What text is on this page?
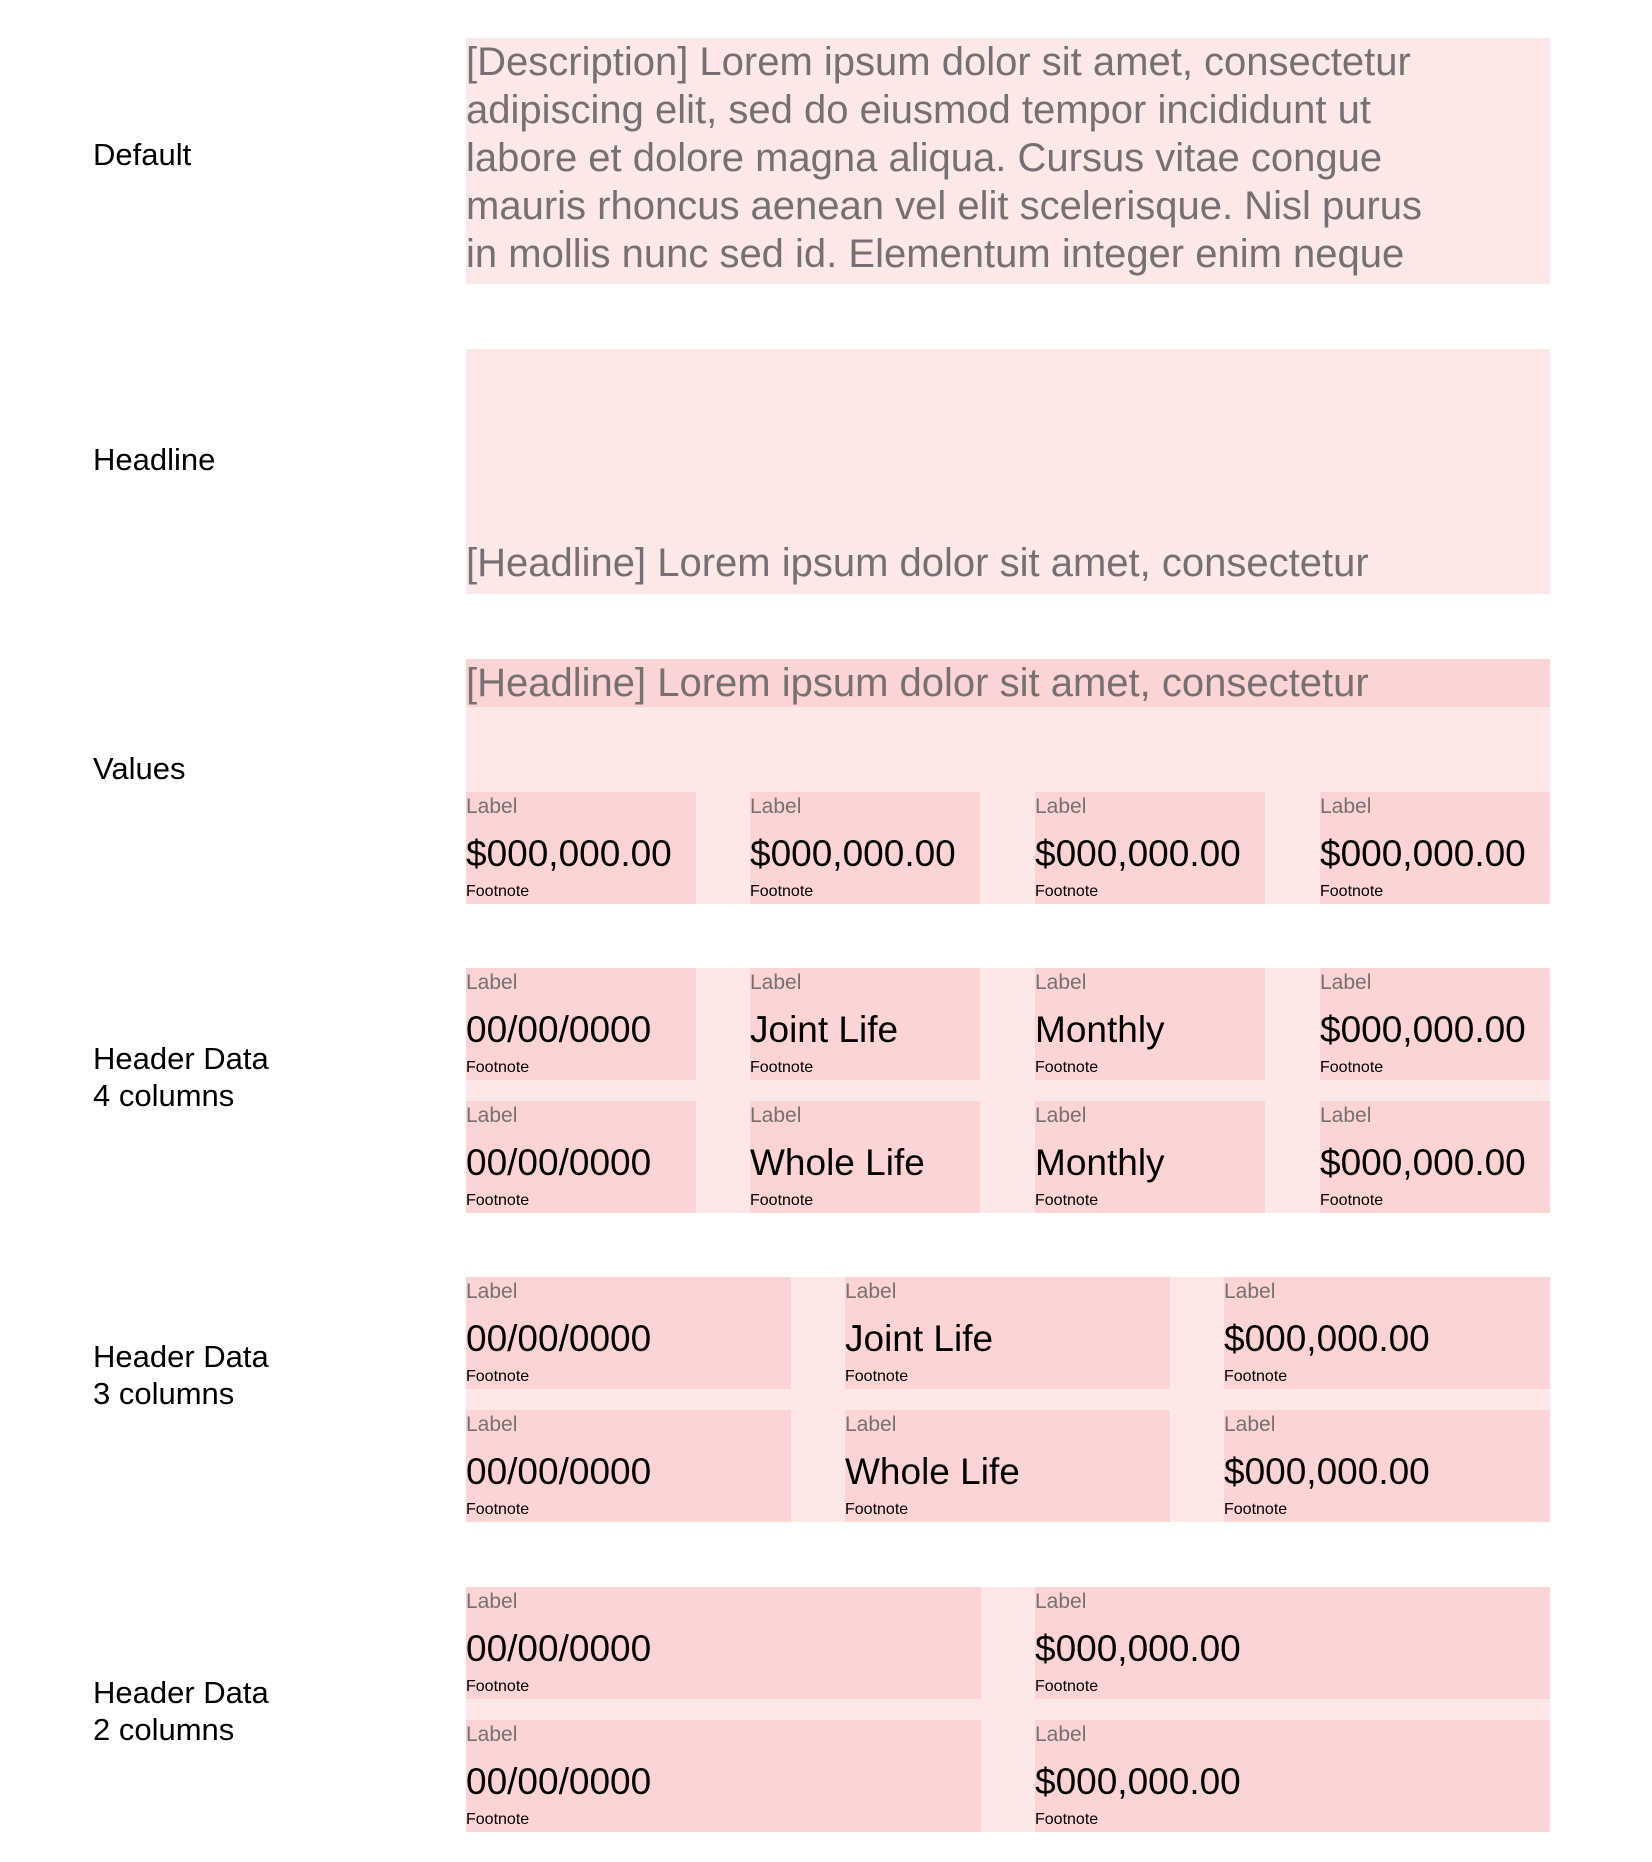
Default
Headline
Values
Header Data
4 columns
Header Data
3 columns
Header Data
2 columns

[Description] Lorem ipsum dolor sit amet, consectetur

adipiscing elit, sed do eiusmod tempor incididunt ut

labore et dolore magna aliqua. Cursus vitae congue

mauris rhoncus aenean vel elit scelerisque. Nisl purus

in mollis nunc sed id. Elementum integer enim neque

[Headline] Lorem ipsum dolor sit amet, consectetur
[Headline] Lorem ipsum dolor sit amet, consectetur
Label
$000,000.00
Footnote
Label
$000,000.00
Footnote
Label
$000,000.00
Footnote
Label
$000,000.00
Footnote
Label
00/00/0000
Footnote
Label
Joint Life
Footnote
Label
Monthly
Footnote
Label
$000,000.00
Footnote
Label
00/00/0000
Footnote
Label
Whole Life
Footnote
Label
Monthly
Footnote
Label
$000,000.00
Footnote
Label
00/00/0000
Footnote
Label
Joint Life
Footnote
Label
$000,000.00
Footnote
Label
00/00/0000
Footnote
Label
Whole Life
Footnote
Label
$000,000.00
Footnote
Label
00/00/0000
Footnote
Label
$000,000.00
Footnote
Label
00/00/0000
Footnote
Label
$000,000.00
Footnote
